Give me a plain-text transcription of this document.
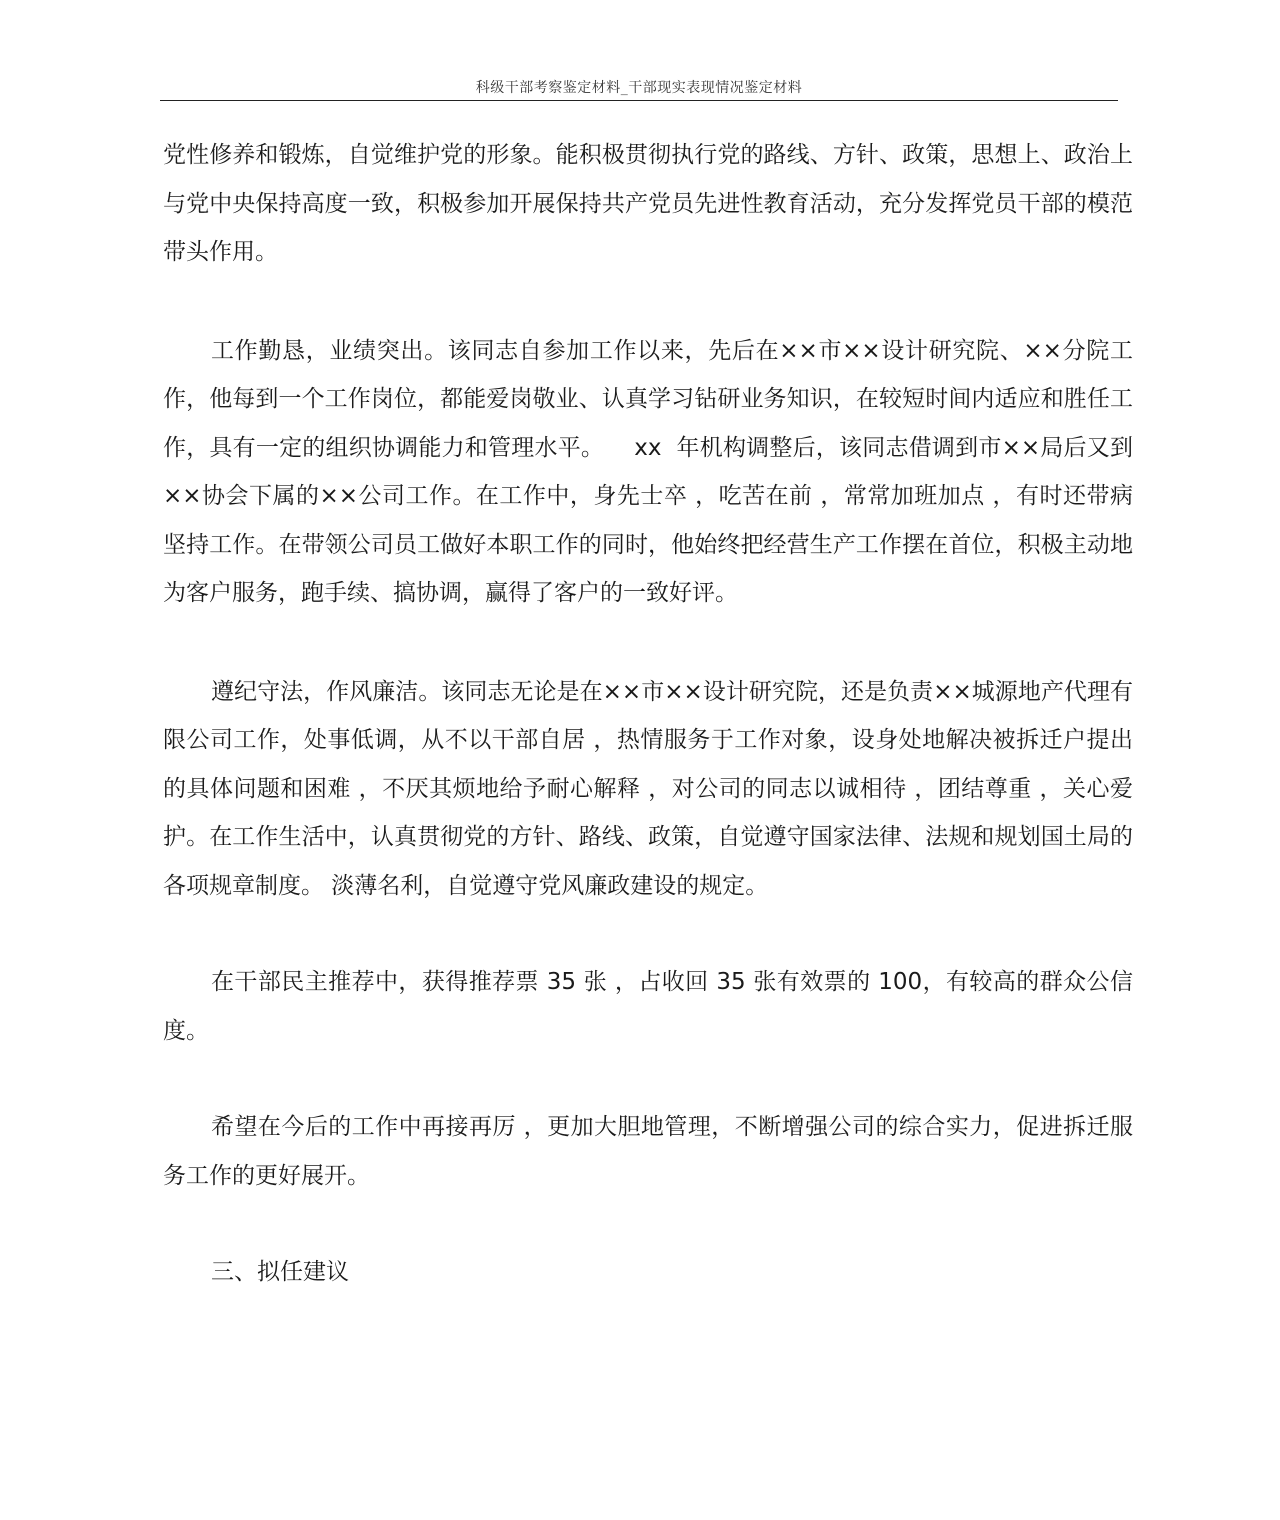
科级干部考察鉴定材料_干部现实表现情况鉴定材料

党性修养和锻炼，自觉维护党的形象。能积极贯彻执行党的路线、方针、政策，思想上、政治上与党中央保持高度一致，积极参加开展保持共产党员先进性教育活动，充分发挥党员干部的模范带头作用。

工作勤恳，业绩突出。该同志自参加工作以来，先后在××市××设计研究院、××分院工作，他每到一个工作岗位，都能爱岗敬业、认真学习钻研业务知识，在较短时间内适应和胜任工作，具有一定的组织协调能力和管理水平。    xx  年机构调整后，该同志借调到市××局后又到××协会下属的××公司工作。在工作中，身先士卒 ，吃苦在前 ，常常加班加点 ，有时还带病坚持工作。在带领公司员工做好本职工作的同时，他始终把经营生产工作摆在首位，积极主动地为客户服务，跑手续、搞协调，赢得了客户的一致好评。

遵纪守法，作风廉洁。该同志无论是在××市××设计研究院，还是负责××城源地产代理有限公司工作，处事低调，从不以干部自居 ，热情服务于工作对象，设身处地解决被拆迁户提出的具体问题和困难 ，不厌其烦地给予耐心解释 ，对公司的同志以诚相待 ，团结尊重 ，关心爱护。在工作生活中，认真贯彻党的方针、路线、政策，自觉遵守国家法律、法规和规划国土局的各项规章制度。 淡薄名利，自觉遵守党风廉政建设的规定。

在干部民主推荐中，获得推荐票 35 张 ，占收回 35 张有效票的 100，有较高的群众公信度。

希望在今后的工作中再接再厉 ，更加大胆地管理，不断增强公司的综合实力，促进拆迁服务工作的更好展开。

三、拟任建议
